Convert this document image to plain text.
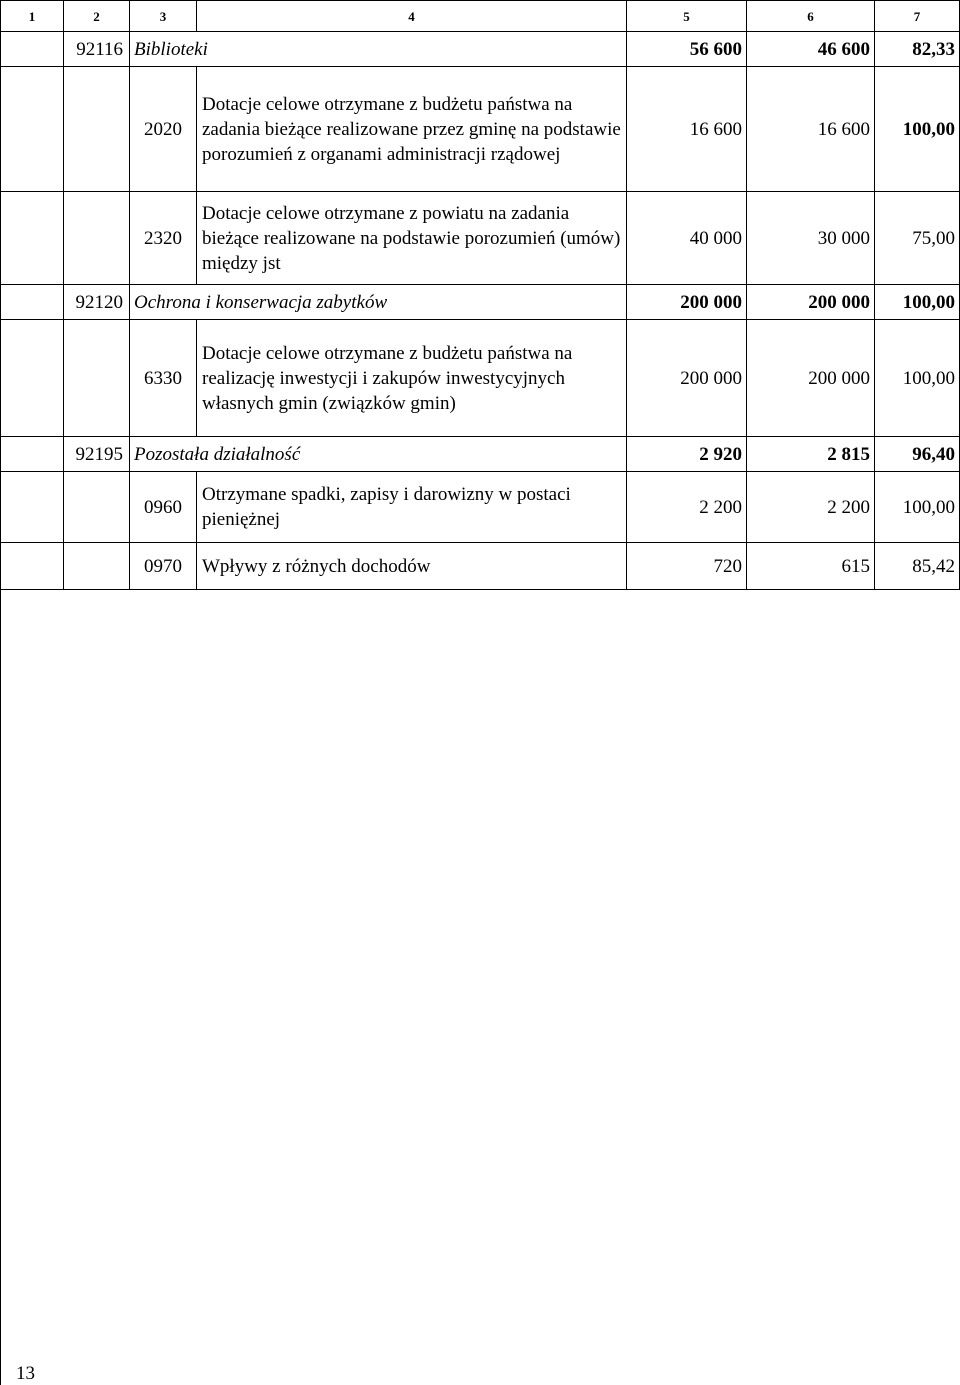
1	2	3	4	5	6	7
	92116	Biblioteki		56 600	46 600	82,33
		2020	Dotacje celowe otrzymane z budżetu państwa na zadania bieżące realizowane przez gminę na podstawie porozumień z organami administracji rządowej	16 600	16 600	100,00
		2320	Dotacje celowe otrzymane z powiatu na zadania bieżące realizowane na podstawie porozumień (umów) między jst	40 000	30 000	75,00
	92120	Ochrona i konserwacja zabytków		200 000	200 000	100,00
		6330	Dotacje celowe otrzymane z budżetu państwa na realizację inwestycji i zakupów inwestycyjnych własnych gmin (związków gmin)	200 000	200 000	100,00
	92195	Pozostała działalność		2 920	2 815	96,40
		0960	Otrzymane spadki, zapisy i darowizny w postaci pieniężnej	2 200	2 200	100,00
		0970	Wpływy z różnych dochodów	720	615	85,42
13
